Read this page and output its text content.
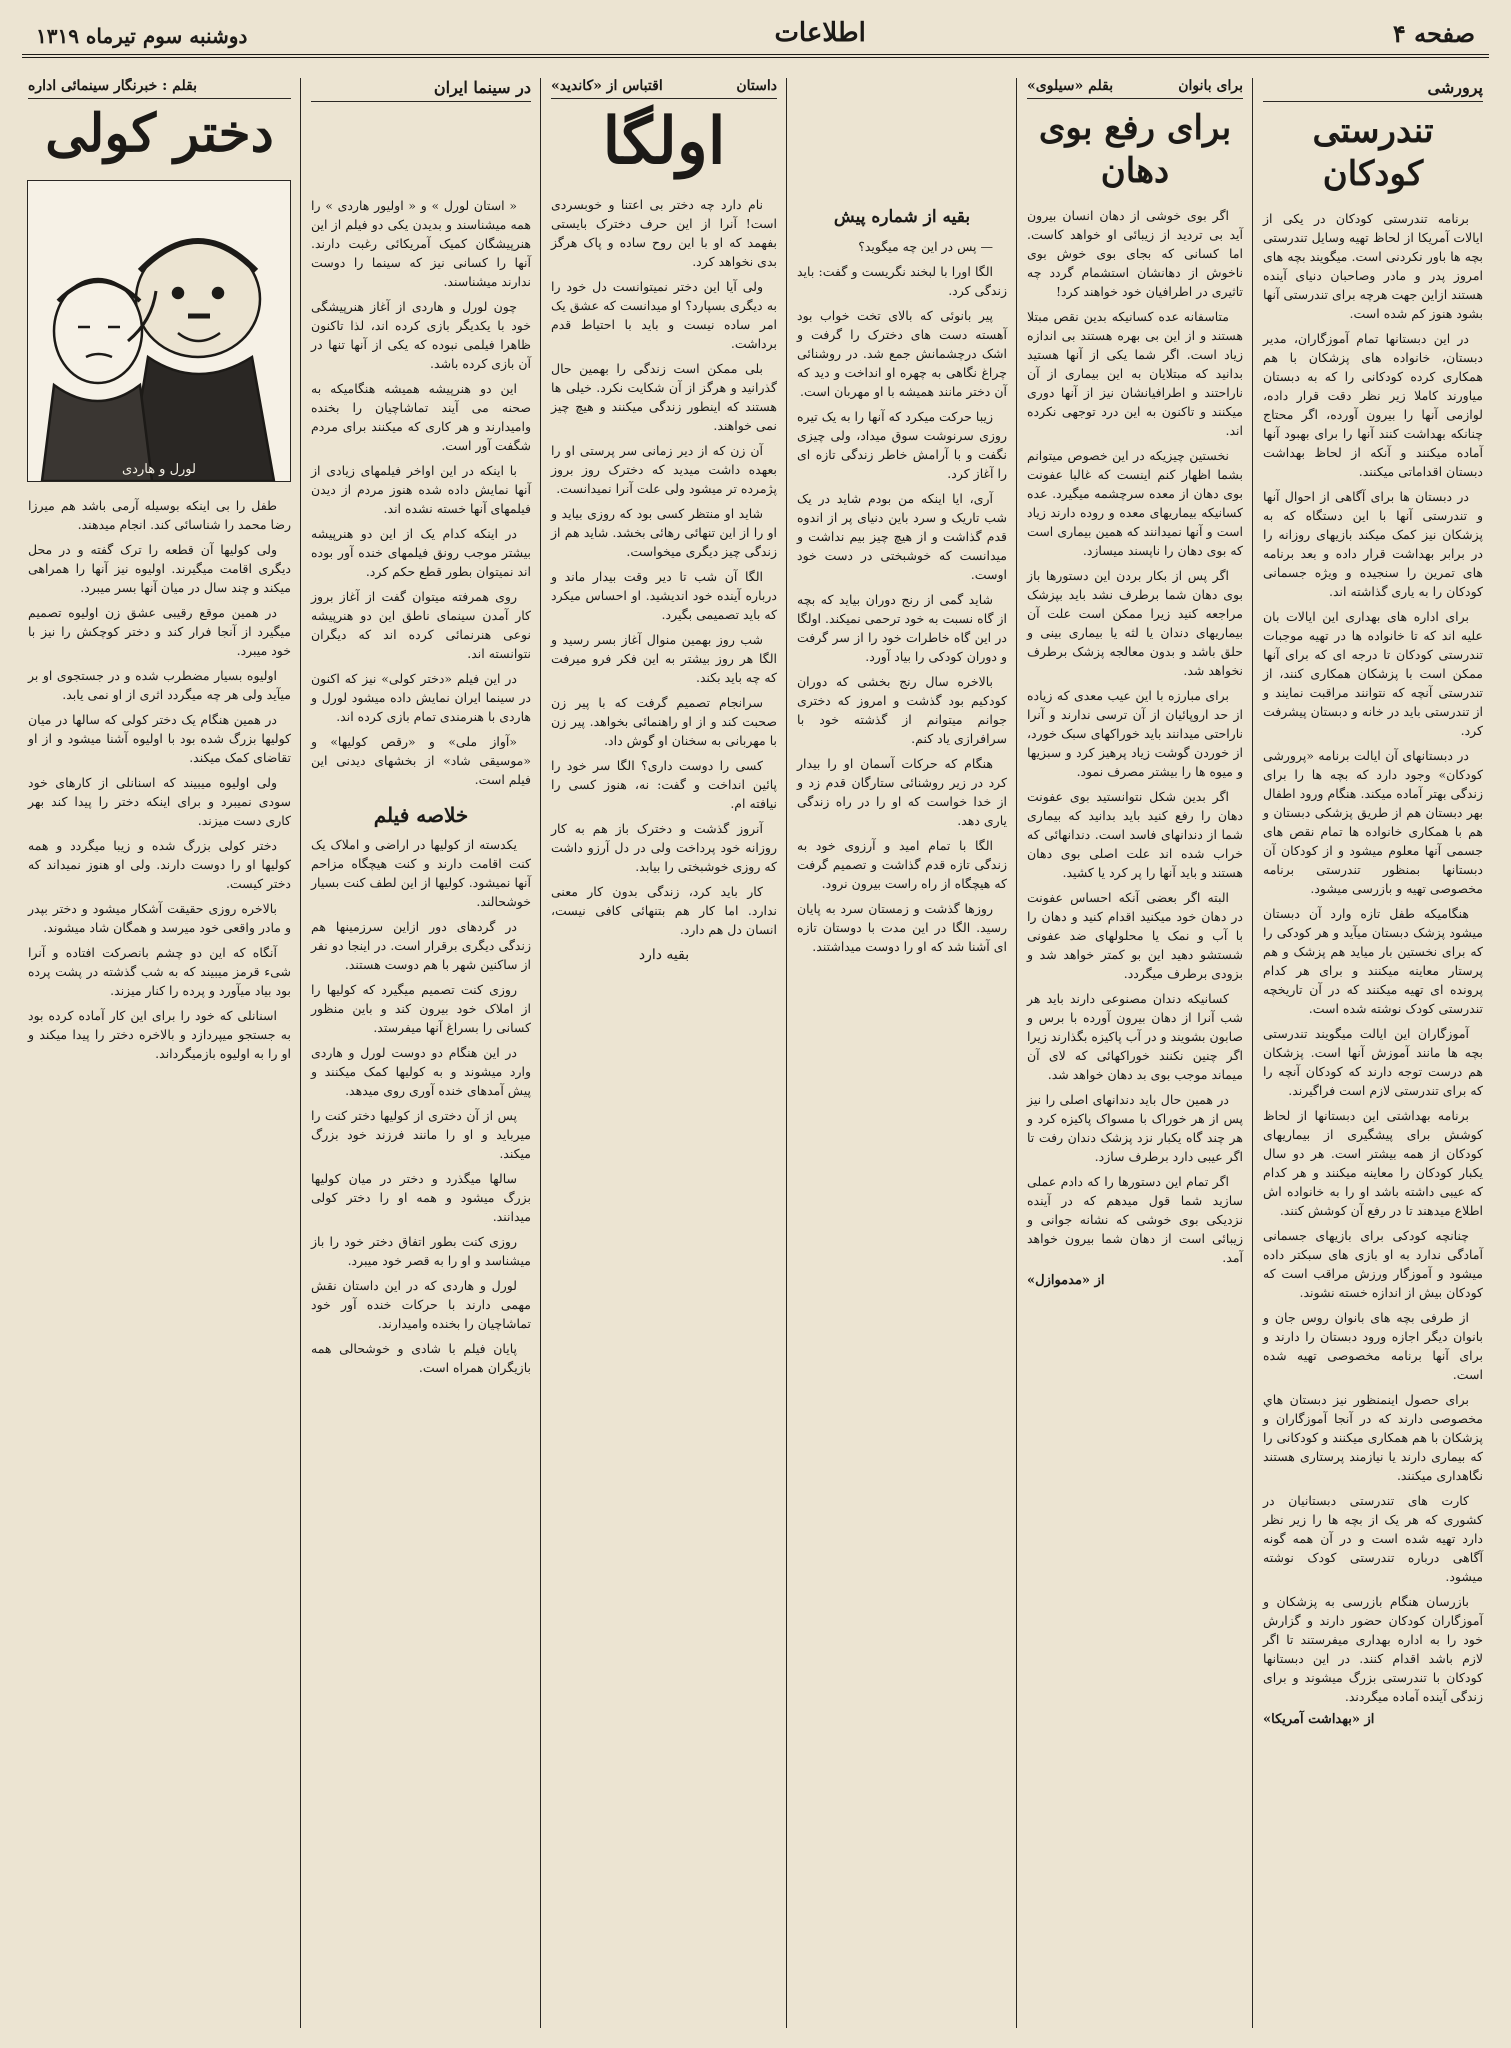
صفحه ۴
اطلاعات
دوشنبه سوم تیرماه ۱۳۱۹
پرورشی
تندرستی کودکان

برنامه تندرستی کودکان در یکی از ایالات آمریکا از لحاظ تهیه وسایل تندرستی بچه ها باور نکردنی است. میگویند بچه های امروز پدر و مادر وصاحبان دنیای آینده هستند ازاین جهت هرچه برای تندرستی آنها بشود هنوز کم شده است.

در این دبستانها تمام آموزگاران، مدیر دبستان، خانواده های پزشکان با هم همکاری کرده کودکانی را که به دبستان میاورند کاملا زیر نظر دقت قرار داده، لوازمی آنها را بیرون آورده، اگر محتاج چنانکه بهداشت کنند آنها را برای بهبود آنها آماده میکنند و آنکه از لحاظ بهداشت دبستان اقداماتی میکنند.

در دبستان ها برای آگاهی از احوال آنها و تندرستی آنها با این دستگاه که به پزشکان نیز کمک میکند بازیهای روزانه را در برابر بهداشت قرار داده و بعد برنامه های تمرین را سنجیده و ویژه جسمانی کودکان را به یاری گذاشته اند.

برای اداره های بهداری این ایالات بان علیه اند که تا خانواده ها در تهیه موجبات تندرستی کودکان تا درجه ای که برای آنها ممکن است با پزشکان همکاری کنند، از تندرستی آنچه که نتوانند مراقبت نمایند و از تندرستی باید در خانه و دبستان پیشرفت کرد.

در دبستانهای آن ایالت برنامه «پرورشی کودکان» وجود دارد که بچه ها را برای زندگی بهتر آماده میکند. هنگام ورود اطفال بهر دبستان هم از طریق پزشکی دبستان و هم با همکاری خانواده ها تمام نقص های جسمی آنها معلوم میشود و از کودکان آن دبستانها بمنظور تندرستی برنامه مخصوصی تهیه و بازرسی میشود.

هنگامیکه طفل تازه وارد آن دبستان میشود پزشک دبستان میآید و هر کودکی را که برای نخستین بار میاید هم پزشک و هم پرستار معاینه میکنند و برای هر کدام پرونده ای تهیه میکنند که در آن تاریخچه تندرستی کودک نوشته شده است.

آموزگاران این ایالت میگویند تندرستی بچه ها مانند آموزش آنها است. پزشکان هم درست توجه دارند که کودکان آنچه را که برای تندرستی لازم است فراگیرند.

برنامه بهداشتی این دبستانها از لحاظ کوشش برای پیشگیری از بیماریهای کودکان از همه بیشتر است. هر دو سال یکبار کودکان را معاینه میکنند و هر کدام که عیبی داشته باشد او را به خانواده اش اطلاع میدهند تا در رفع آن کوشش کنند.

چنانچه کودکی برای بازیهای جسمانی آمادگی ندارد به او بازی های سبکتر داده میشود و آموزگار ورزش مراقب است که کودکان بیش از اندازه خسته نشوند.

از طرفی بچه های بانوان روس جان و بانوان دیگر اجازه ورود دبستان را دارند و برای آنها برنامه مخصوصی تهیه شده است.

برای حصول اینمنظور نیز دبستان هاي مخصوصی دارند که در آنجا آموزگاران و پزشکان با هم همکاری میکنند و کودکانی را که بیماری دارند یا نیازمند پرستاری هستند نگاهداری میکنند.

کارت های تندرستی دبستانیان در کشوری که هر یک از بچه ها را زیر نظر دارد تهیه شده است و در آن همه گونه آگاهی درباره تندرستی کودک نوشته میشود.

بازرسان هنگام بازرسی به پزشکان و آموزگاران کودکان حضور دارند و گزارش خود را به اداره بهداری میفرستند تا اگر لازم باشد اقدام کنند. در این دبستانها کودکان با تندرستی بزرگ میشوند و برای زندگی آینده آماده میگردند.

از «بهداشت آمریکا»
برای بانوان
بقلم «سیلوی»
برای رفع بوی دهان

اگر بوی خوشی از دهان انسان بیرون آید بی تردید از زیبائی او خواهد کاست. اما کسانی که بجای بوی خوش بوی ناخوش از دهانشان استشمام گردد چه تاثیری در اطرافیان خود خواهند کرد!

متاسفانه عده کسانیکه بدین نقص مبتلا هستند و از این بی بهره هستند بی اندازه زیاد است. اگر شما یکی از آنها هستید بدانید که مبتلایان به این بیماری از آن ناراحتند و اطرافیانشان نیز از آنها دوری میکنند و تاکنون به این درد توجهی نکرده اند.

نخستین چیزیکه در این خصوص میتوانم بشما اظهار کنم اینست که غالبا عفونت بوی دهان از معده سرچشمه میگیرد. عده کسانیکه بیماریهای معده و روده دارند زیاد است و آنها نمیدانند که همین بیماری است که بوی دهان را ناپسند میسازد.

اگر پس از بکار بردن این دستورها باز بوی دهان شما برطرف نشد باید بپزشک مراجعه کنید زیرا ممکن است علت آن بیماریهای دندان یا لثه یا بیماری بینی و حلق باشد و بدون معالجه پزشک برطرف نخواهد شد.

برای مبارزه با این عیب معدی که زیاده از حد اروپائیان از آن ترسی ندارند و آنرا ناراحتی میدانند باید خوراکهای سبک خورد، از خوردن گوشت زیاد پرهیز کرد و سبزیها و میوه ها را بیشتر مصرف نمود.

اگر بدین شکل نتوانستید بوی عفونت دهان را رفع کنید باید بدانید که بیماری شما از دندانهای فاسد است. دندانهائی که خراب شده اند علت اصلی بوی دهان هستند و باید آنها را پر کرد یا کشید.

البته اگر بعضی آنکه احساس عفونت در دهان خود میکنید اقدام کنید و دهان را با آب و نمک یا محلولهای ضد عفونی شستشو دهید این بو کمتر خواهد شد و بزودی برطرف میگردد.

کسانیکه دندان مصنوعی دارند باید هر شب آنرا از دهان بیرون آورده با برس و صابون بشویند و در آب پاکیزه بگذارند زیرا اگر چنین نکنند خوراکهائی که لای آن میماند موجب بوی بد دهان خواهد شد.

در همین حال باید دندانهای اصلی را نیز پس از هر خوراک با مسواک پاکیزه کرد و هر چند گاه یکبار نزد پزشک دندان رفت تا اگر عیبی دارد برطرف سازد.

اگر تمام این دستورها را که دادم عملی سازید شما قول میدهم که در آینده نزدیکی بوی خوشی که نشانه جوانی و زیبائی است از دهان شما بیرون خواهد آمد.

از «مدموازل»
بقیه از شماره پیش

— پس در این چه میگوید؟

الگا اورا با لبخند نگریست و گفت: باید زندگی کرد.

پیر بانوئی که بالای تخت خواب بود آهسته دست های دخترک را گرفت و اشک درچشمانش جمع شد. در روشنائی چراغ نگاهی به چهره او انداخت و دید که آن دختر مانند همیشه با او مهربان است.

زیبا حرکت میکرد که آنها را به یک تیره روزی سرنوشت سوق میداد، ولی چیزی نگفت و با آرامش خاطر زندگی تازه ای را آغاز کرد.

آری، ایا اینکه من بودم شاید در یک شب تاریک و سرد باین دنیای پر از اندوه قدم گذاشت و از هیچ چیز بیم نداشت و میدانست که خوشبختی در دست خود اوست.

شاید گمی از رنج دوران بیاید که بچه از گاه نسبت به خود ترحمی نمیکند. اولگا در این گاه خاطرات خود را از سر گرفت و دوران کودکی را بیاد آورد.

بالاخره سال رنج بخشی که دوران کودکیم بود گذشت و امروز که دختری جوانم میتوانم از گذشته خود با سرافرازی یاد کنم.

هنگام که حرکات آسمان او را بیدار کرد در زیر روشنائی ستارگان قدم زد و از خدا خواست که او را در راه زندگی یاری دهد.

الگا با تمام امید و آرزوی خود به زندگی تازه قدم گذاشت و تصمیم گرفت که هیچگاه از راه راست بیرون نرود.

روزها گذشت و زمستان سرد به پایان رسید. الگا در این مدت با دوستان تازه ای آشنا شد که او را دوست میداشتند.

داستان
اقتباس از «کاندید»
اولگا

نام دارد چه دختر بی اعتنا و خوبسردی است! آنرا از این حرف دخترک بایستی بفهمد که او با این روح ساده و پاک هرگز بدی نخواهد کرد.

ولی آیا این دختر نمیتوانست دل خود را به دیگری بسپارد؟ او میدانست که عشق یک امر ساده نیست و باید با احتیاط قدم برداشت.

بلی ممکن است زندگی را بهمین حال گذرانید و هرگز از آن شکایت نکرد. خیلی ها هستند که اینطور زندگی میکنند و هیچ چیز نمی خواهند.

آن زن که از دیر زمانی سر پرستی او را بعهده داشت میدید که دخترک روز بروز پژمرده تر میشود ولی علت آنرا نمیدانست.

شاید او منتظر کسی بود که روزی بیاید و او را از این تنهائی رهائی بخشد. شاید هم از زندگی چیز دیگری میخواست.

الگا آن شب تا دیر وقت بیدار ماند و درباره آینده خود اندیشید. او احساس میکرد که باید تصمیمی بگیرد.

شب روز بهمین منوال آغاز بسر رسید و الگا هر روز بیشتر به این فکر فرو میرفت که چه باید بکند.

سرانجام تصمیم گرفت که با پیر زن صحبت کند و از او راهنمائی بخواهد. پیر زن با مهربانی به سخنان او گوش داد.

کسی را دوست داری؟ الگا سر خود را پائین انداخت و گفت: نه، هنوز کسی را نیافته ام.

آنروز گذشت و دخترک باز هم به کار روزانه خود پرداخت ولی در دل آرزو داشت که روزی خوشبختی را بیابد.

کار باید کرد، زندگی بدون کار معنی ندارد. اما کار هم بتنهائی کافی نیست، انسان دل هم دارد.

بقیه دارد
در سینما ایران

« استان لورل » و « اولیور هاردی » را همه میشناسند و بدیدن یکی دو فیلم از این هنرپیشگان کمیک آمریکائی رغبت دارند. آنها را کسانی نیز که سینما را دوست ندارند میشناسند.

چون لورل و هاردی از آغاز هنرپیشگی خود با یکدیگر بازی کرده اند، لذا تاکنون ظاهرا فیلمی نبوده که یکی از آنها تنها در آن بازی کرده باشد.

این دو هنرپیشه همیشه هنگامیکه به صحنه می آیند تماشاچیان را بخنده وامیدارند و هر کاری که میکنند برای مردم شگفت آور است.

با اینکه در این اواخر فیلمهای زیادی از آنها نمایش داده شده هنوز مردم از دیدن فیلمهای آنها خسته نشده اند.

در اینکه کدام یک از این دو هنرپیشه بیشتر موجب رونق فیلمهای خنده آور بوده اند نمیتوان بطور قطع حکم کرد.

روی همرفته میتوان گفت از آغاز بروز کار آمدن سینمای ناطق این دو هنرپیشه نوعی هنرنمائی کرده اند که دیگران نتوانسته اند.

در این فیلم «دختر کولی» نیز که اکنون در سینما ایران نمایش داده میشود لورل و هاردی با هنرمندی تمام بازی کرده اند.

«آواز ملی» و «رقص کولیها» و «موسیقی شاد» از بخشهای دیدنی این فیلم است.

خلاصه فیلم

یکدسته از کولیها در اراضی و املاک یک کنت اقامت دارند و کنت هیچگاه مزاحم آنها نمیشود. کولیها از این لطف کنت بسیار خوشحالند.

در گردهای دور ازاین سرزمینها هم زندگی دیگری برقرار است. در اینجا دو نفر از ساکنین شهر با هم دوست هستند.

روزی کنت تصمیم میگیرد که کولیها را از املاک خود بیرون کند و باین منظور کسانی را بسراغ آنها میفرستد.

در این هنگام دو دوست لورل و هاردی وارد میشوند و به کولیها کمک میکنند و پیش آمدهای خنده آوری روی میدهد.

پس از آن دختری از کولیها دختر کنت را میرباید و او را مانند فرزند خود بزرگ میکند.

سالها میگذرد و دختر در میان کولیها بزرگ میشود و همه او را دختر کولی میدانند.

روزی کنت بطور اتفاق دختر خود را باز میشناسد و او را به قصر خود میبرد.

لورل و هاردی که در این داستان نقش مهمی دارند با حرکات خنده آور خود تماشاچیان را بخنده وامیدارند.

پایان فیلم با شادی و خوشحالی همه بازیگران همراه است.

بقلم : خبرنگار سینمائی اداره
دختر کولی
لورل و هاردی

طفل را بی اینکه بوسیله آرمی باشد هم میرزا رضا محمد را شناسائی کند. انجام میدهند.

ولی کولیها آن قطعه را ترک گفته و در محل دیگری اقامت میگیرند. اولیوه نیز آنها را همراهی میکند و چند سال در میان آنها بسر میبرد.

در همین موقع رقیبی عشق زن اولیوه تصمیم میگیرد از آنجا فرار کند و دختر کوچکش را نیز با خود میبرد.

اولیوه بسیار مضطرب شده و در جستجوی او بر میآید ولی هر چه میگردد اثری از او نمی یابد.

در همین هنگام یک دختر کولی که سالها در میان کولیها بزرگ شده بود با اولیوه آشنا میشود و از او تقاضای کمک میکند.

ولی اولیوه میبیند که اسنانلی از کارهای خود سودی نمیبرد و برای اینکه دختر را پیدا کند بهر کاری دست میزند.

دختر کولی بزرگ شده و زیبا میگردد و همه کولیها او را دوست دارند. ولی او هنوز نمیداند که دختر کیست.

بالاخره روزی حقیقت آشکار میشود و دختر بپدر و مادر واقعی خود میرسد و همگان شاد میشوند.

آنگاه که این دو چشم بانصرکت افتاده و آنرا شیء قرمز میبیند که به شب گذشته در پشت پرده بود بیاد میآورد و پرده را کنار میزند.

اسنانلی که خود را برای این کار آماده کرده بود به جستجو میپردازد و بالاخره دختر را پیدا میکند و او را به اولیوه بازمیگرداند.
